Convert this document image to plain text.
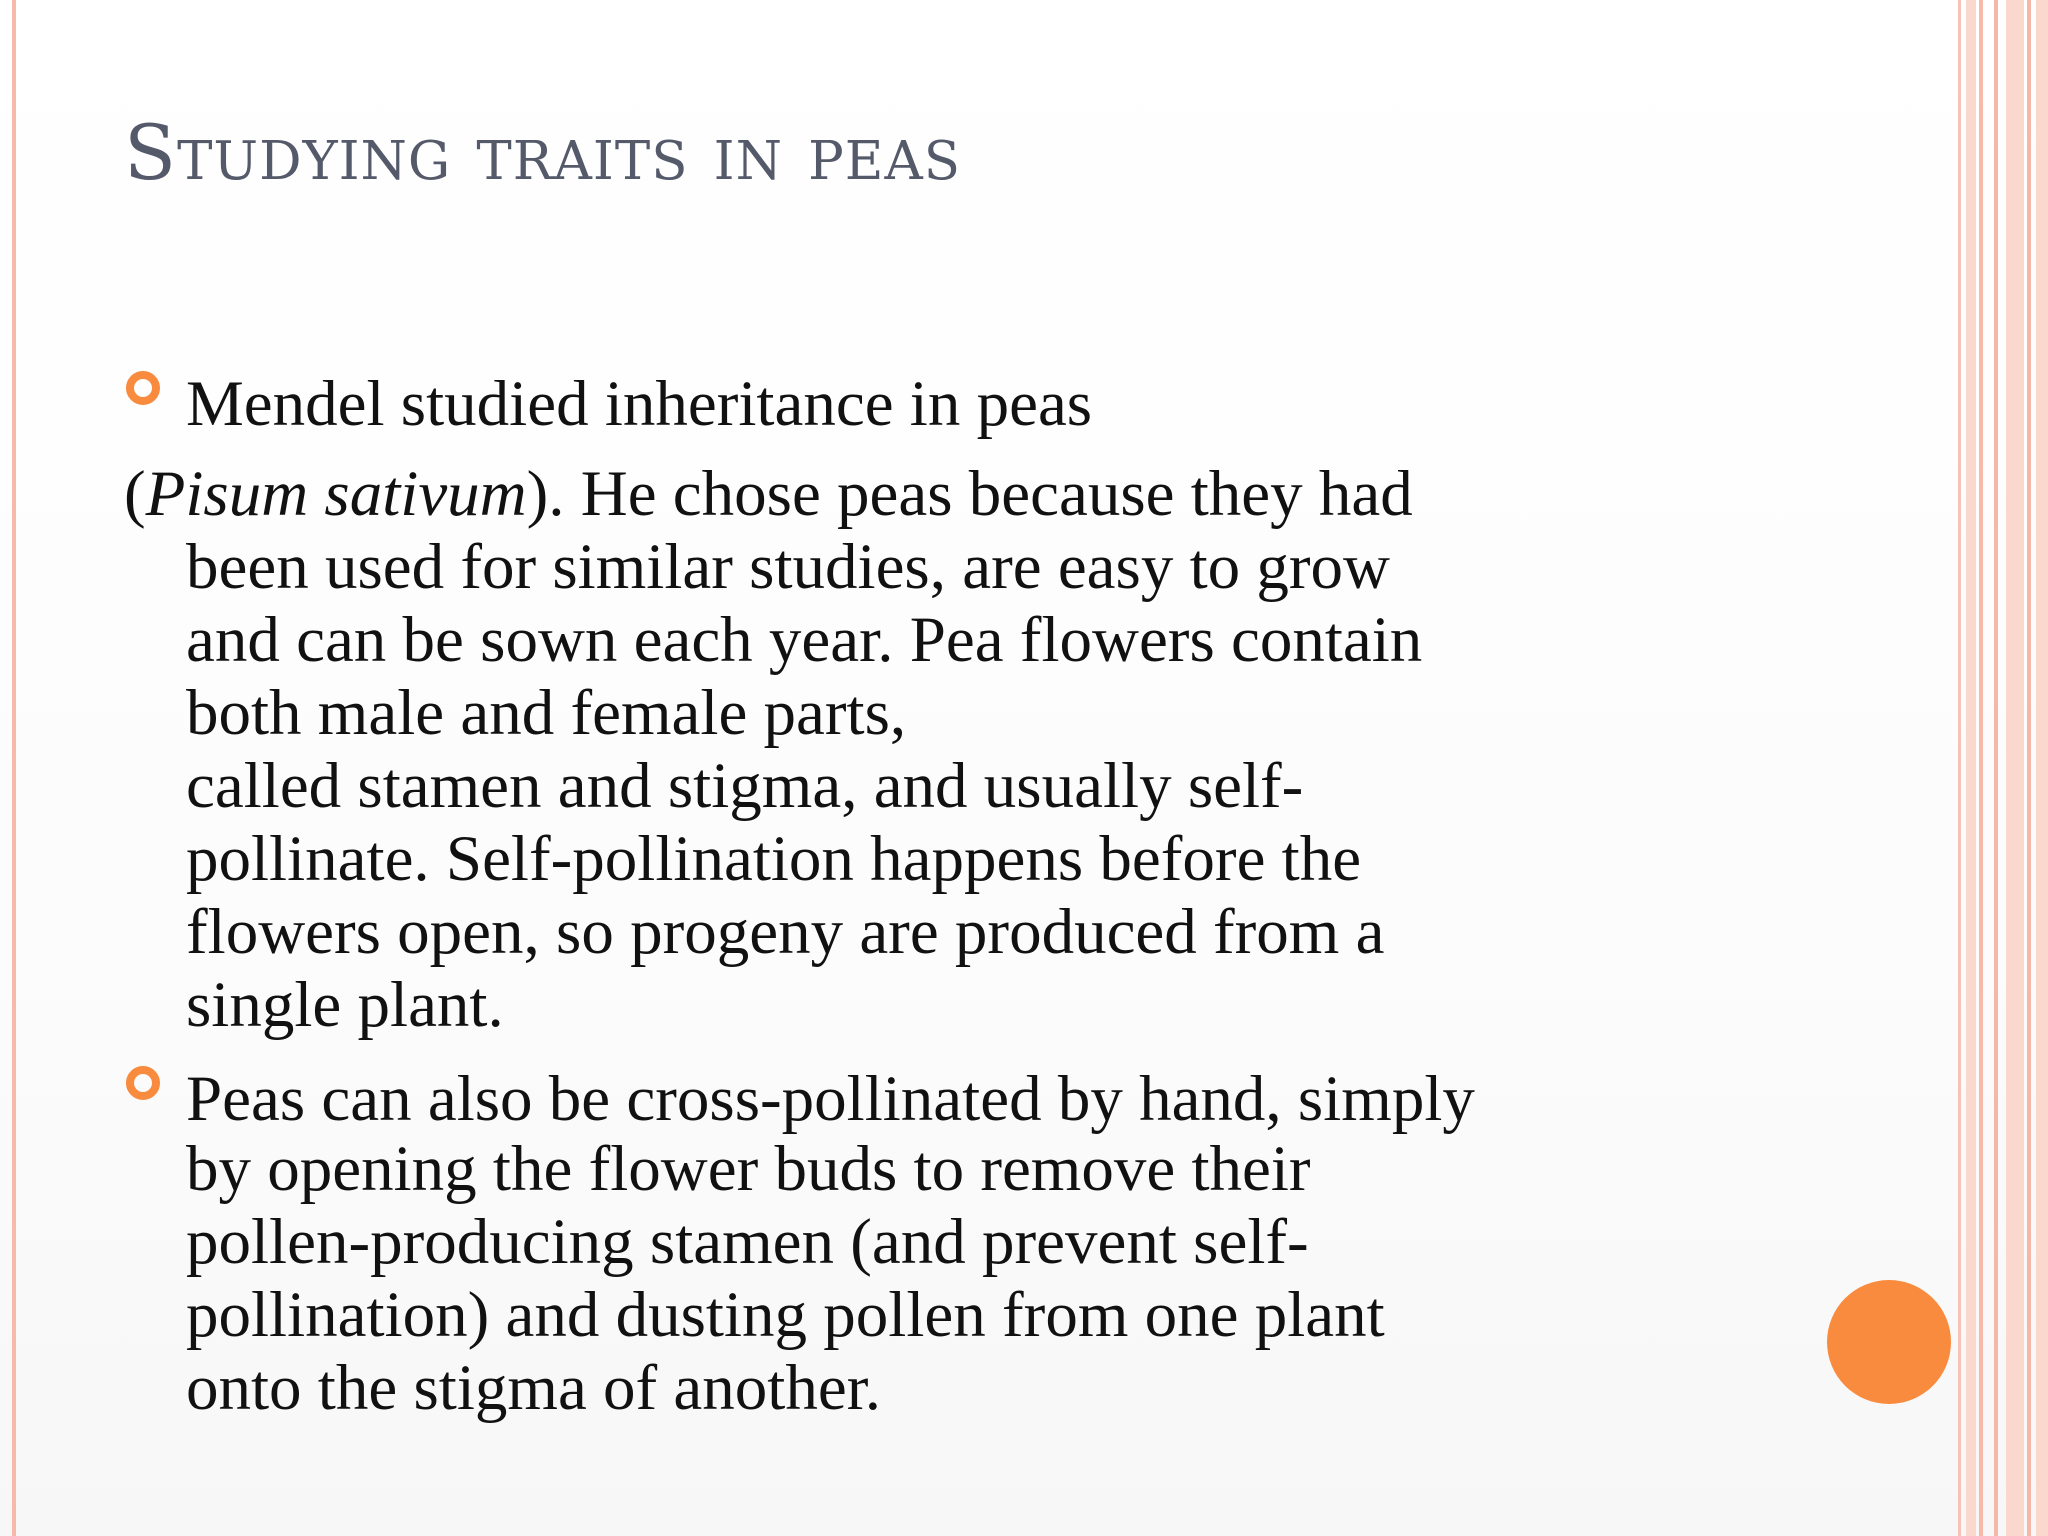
Studying traits in peas
Mendel studied inheritance in peas
(Pisum sativum). He chose peas because they had
been used for similar studies, are easy to grow
and can be sown each year. Pea flowers contain
both male and female parts,
called stamen and stigma, and usually self-
pollinate. Self-pollination happens before the
flowers open, so progeny are produced from a
single plant.
Peas can also be cross-pollinated by hand, simply
by opening the flower buds to remove their
pollen-producing stamen (and prevent self-
pollination) and dusting pollen from one plant
onto the stigma of another.
